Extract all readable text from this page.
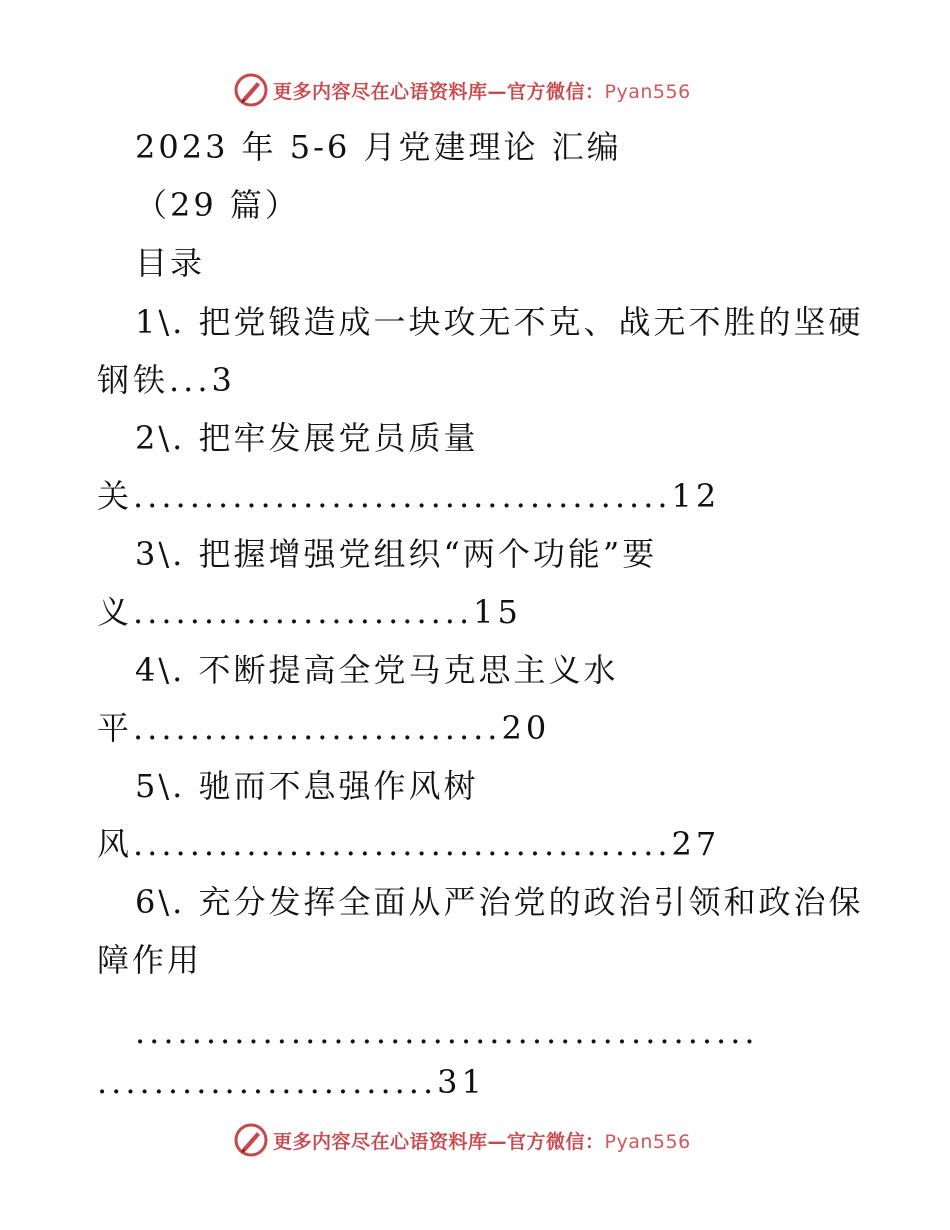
更多内容尽在心语资料库—官方微信：Pyan556
2023 年 5-6 月党建理论 汇编
（29 篇）
目录
1\. 把党锻造成一块攻无不克、战无不胜的坚硬
钢铁...3
2\. 把牢发展党员质量
关......................................12
3\. 把握增强党组织“两个功能”要
义........................15
4\. 不断提高全党马克思主义水
平..........................20
5\. 驰而不息强作风树
风......................................27
6\. 充分发挥全面从严治党的政治引领和政治保
障作用
............................................
........................31
更多内容尽在心语资料库—官方微信：Pyan556
